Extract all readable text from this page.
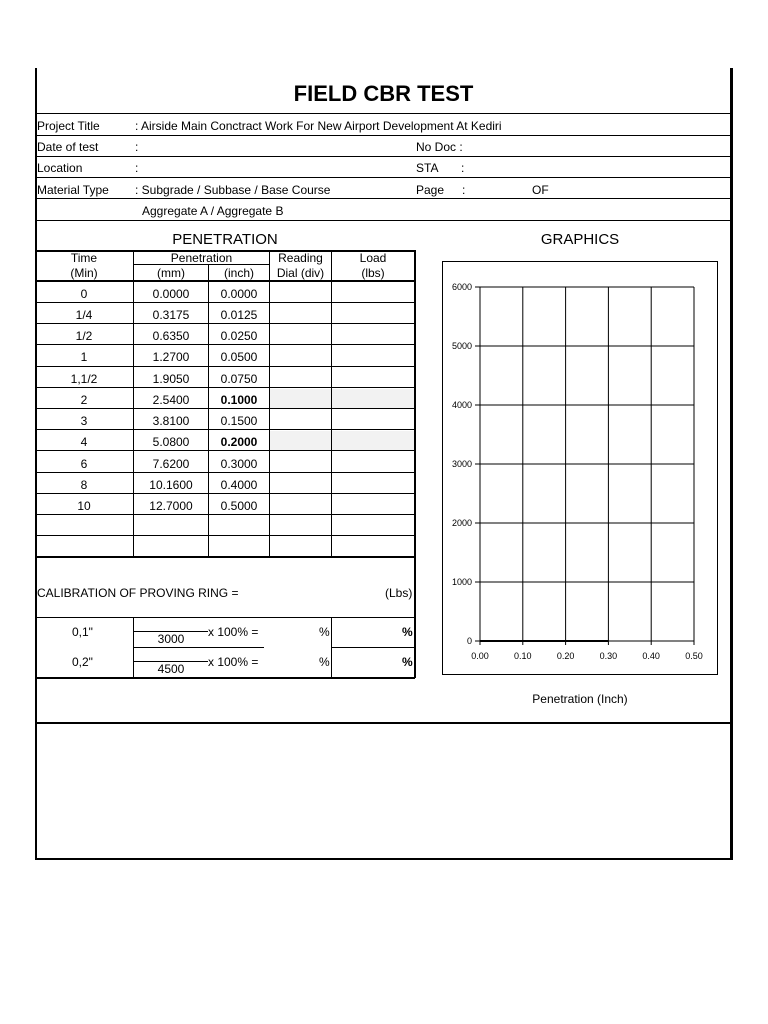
FIELD CBR TEST
Project Title	: Airside Main Conctract Work For New Airport Development At Kediri
Date of test	:	No Doc :
Location	:	STA :
Material Type : Subgrade / Subbase / Base Course	Page :	OF
Aggregate A / Aggregate B
PENETRATION	GRAPHICS
Time
(Min)
Penetration
(mm)	(inch)
Reading
Dial (div)
Load
(lbs)
0	0.0000	0.0000
1/4	0.3175	0.0125
1/2	0.6350	0.0250
1	1.2700	0.0500
1,1/2	1.9050	0.0750
2	2.5400	0.1000
3	3.8100	0.1500
4	5.0800	0.2000
6	7.6200	0.3000
8	10.1600	0.4000
10	12.7000	0.5000
CALIBRATION OF PROVING RING =	(Lbs)
0,1"	3000	x 100% =	%	%
0,2"	4500	x 100% =	%	%	0.00	0.10	0.20	0.30	0.40	0.50
0
1000
2000
3000
4000
5000
6000
Penetration (Inch)
